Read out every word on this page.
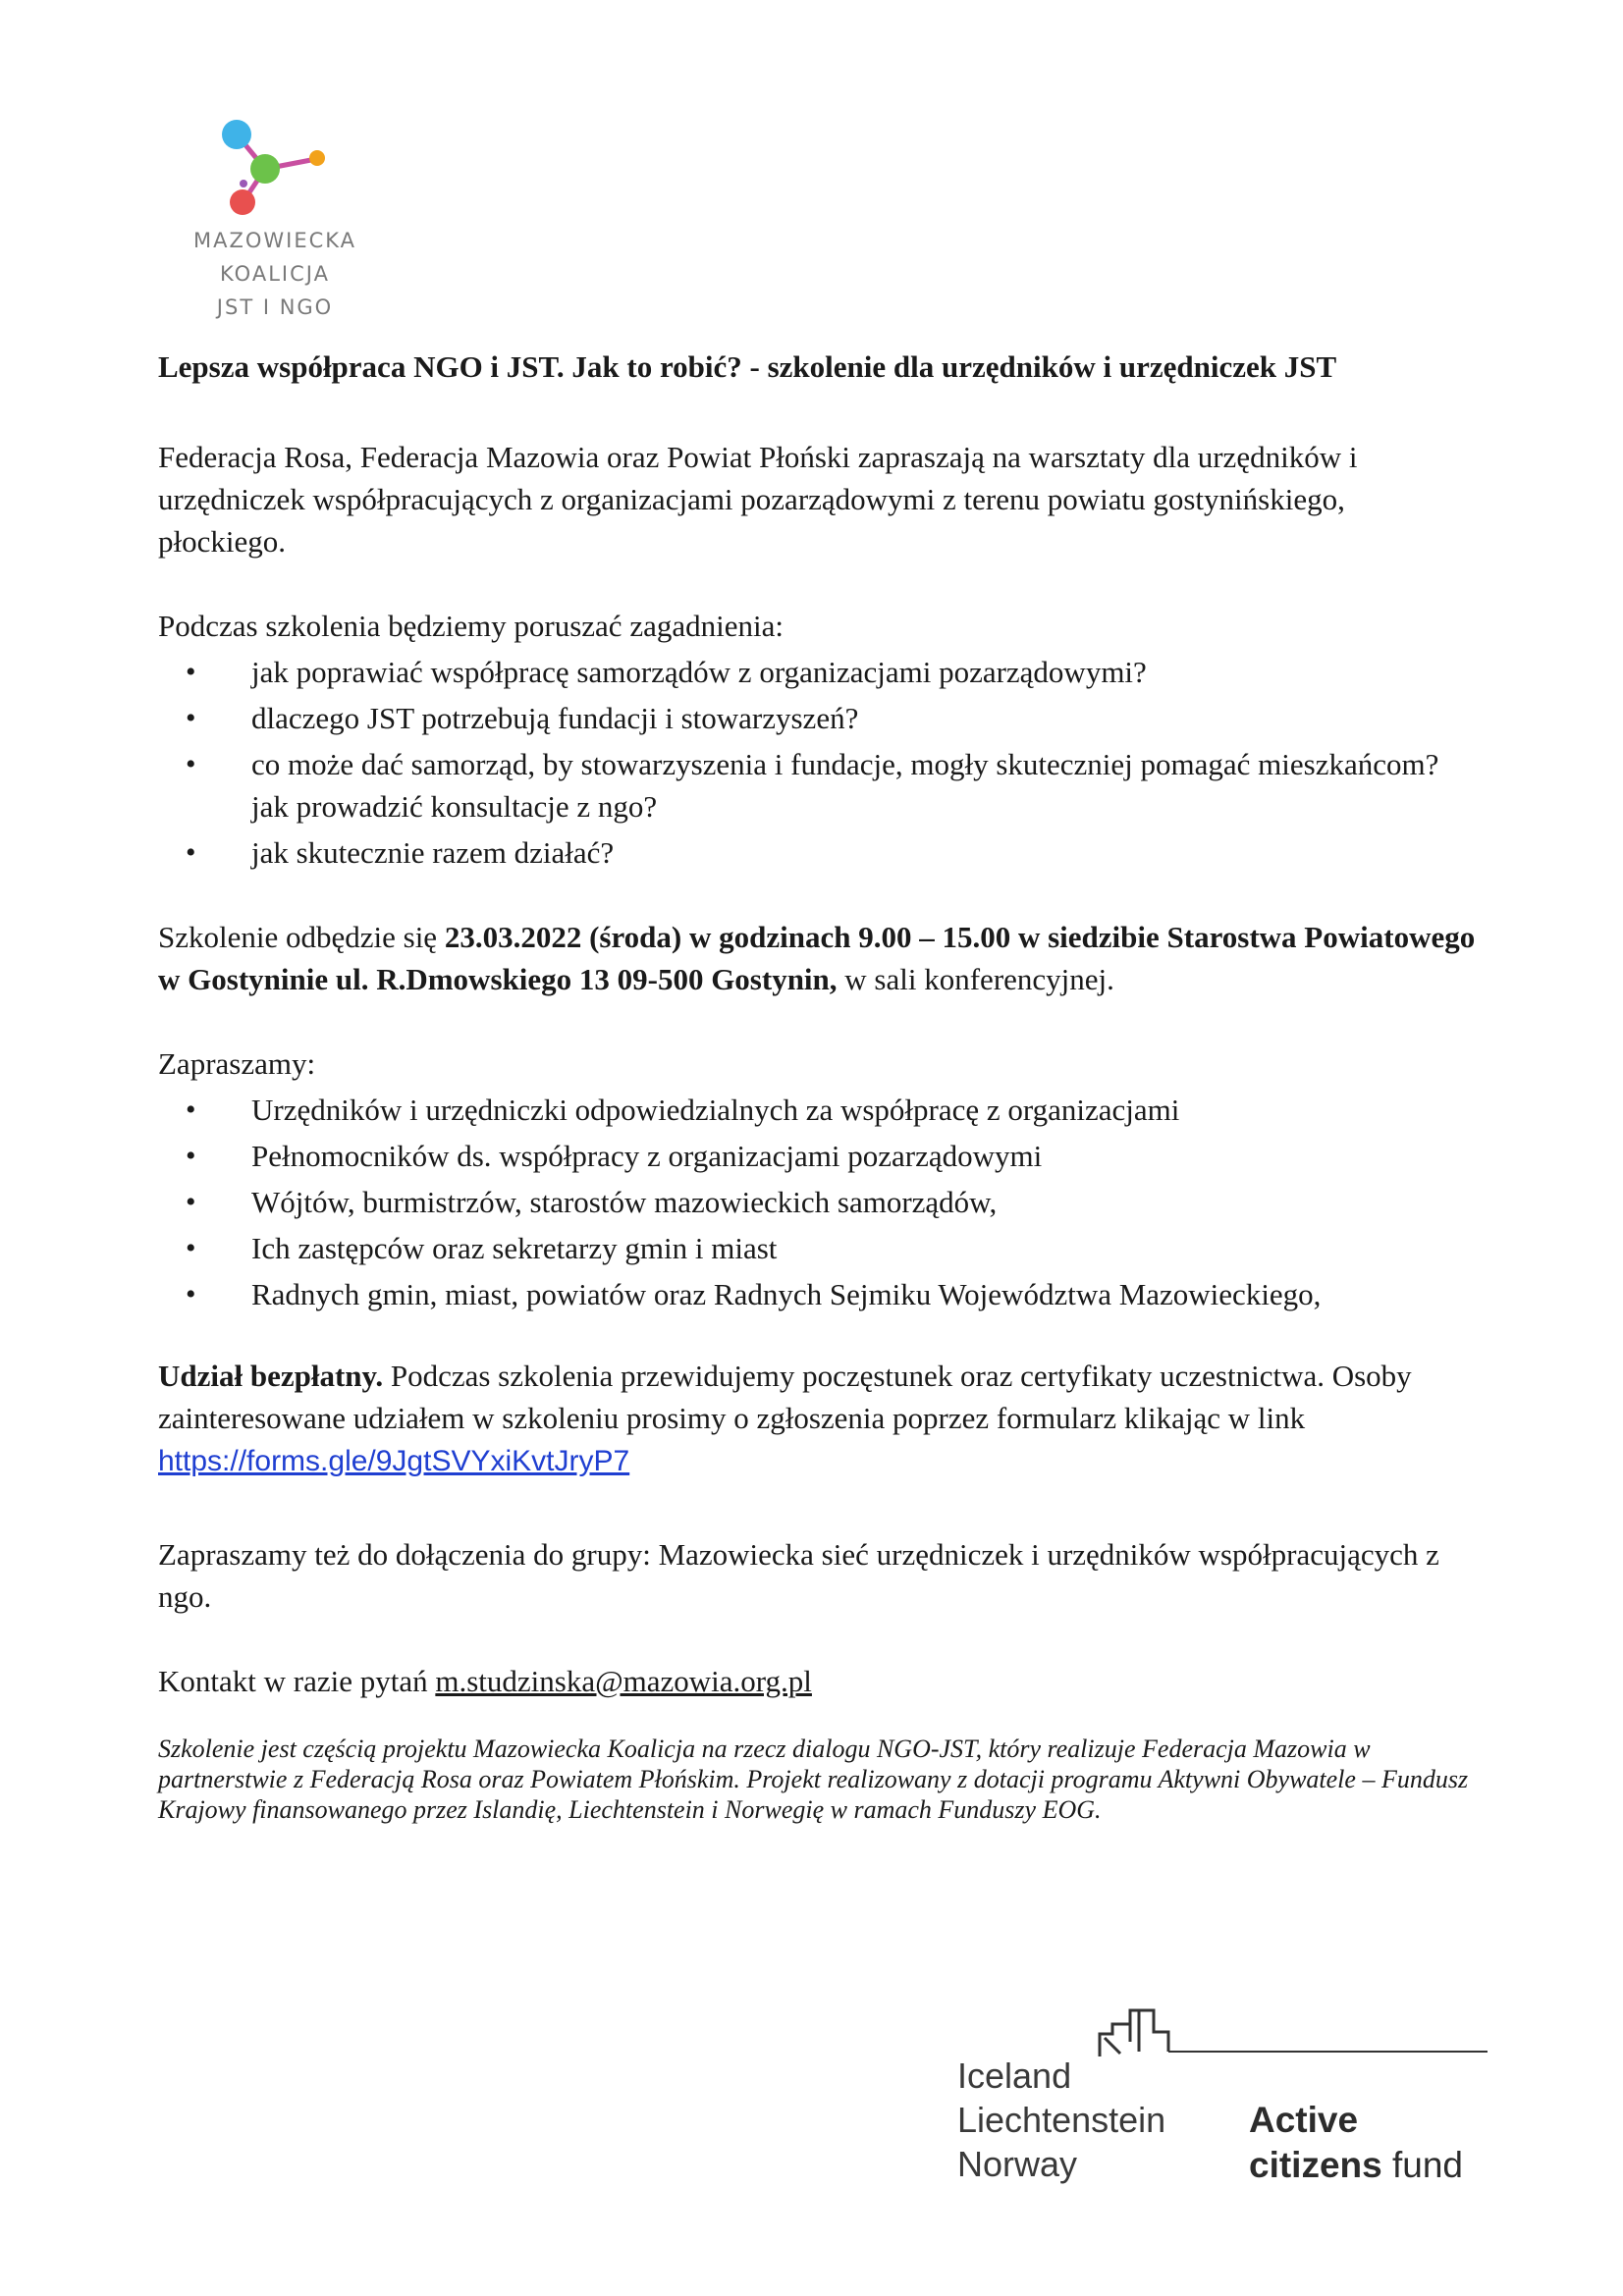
MAZOWIECKA
KOALICJA
JST I NGO

Lepsza współpraca NGO i JST. Jak to robić? - szkolenie dla urzędników i urzędniczek JST

Federacja Rosa, Federacja Mazowia oraz Powiat Płoński zapraszają na warsztaty dla urzędników i urzędniczek współpracujących z organizacjami pozarządowymi z terenu powiatu gostynińskiego, płockiego.

Podczas szkolenia będziemy poruszać zagadnienia:

• jak poprawiać współpracę samorządów z organizacjami pozarządowymi?
• dlaczego JST potrzebują fundacji i stowarzyszeń?
• co może dać samorząd, by stowarzyszenia i fundacje, mogły skuteczniej pomagać mieszkańcom? jak prowadzić konsultacje z ngo?
• jak skutecznie razem działać?

Szkolenie odbędzie się 23.03.2022 (środa) w godzinach 9.00 – 15.00 w siedzibie Starostwa Powiatowego w Gostyninie ul. R.Dmowskiego 13 09-500 Gostynin, w sali konferencyjnej.

Zapraszamy:

• Urzędników i urzędniczki odpowiedzialnych za współpracę z organizacjami
• Pełnomocników ds. współpracy z organizacjami pozarządowymi
• Wójtów, burmistrzów, starostów mazowieckich samorządów,
• Ich zastępców oraz sekretarzy gmin i miast
• Radnych gmin, miast, powiatów oraz Radnych Sejmiku Województwa Mazowieckiego,

Udział bezpłatny. Podczas szkolenia przewidujemy poczęstunek oraz certyfikaty uczestnictwa. Osoby zainteresowane udziałem w szkoleniu prosimy o zgłoszenia poprzez formularz klikając w link https://forms.gle/9JgtSVYxiKvtJryP7

Zapraszamy też do dołączenia do grupy: Mazowiecka sieć urzędniczek i urzędników współpracujących z ngo.

Kontakt w razie pytań m.studzinska@mazowia.org.pl

Szkolenie jest częścią projektu Mazowiecka Koalicja na rzecz dialogu NGO-JST, który realizuje Federacja Mazowia w partnerstwie z Federacją Rosa oraz Powiatem Płońskim. Projekt realizowany z dotacji programu Aktywni Obywatele – Fundusz Krajowy finansowanego przez Islandię, Liechtenstein i Norwegię w ramach Funduszy EOG.

Iceland
Liechtenstein
Norway
Active
citizens fund
